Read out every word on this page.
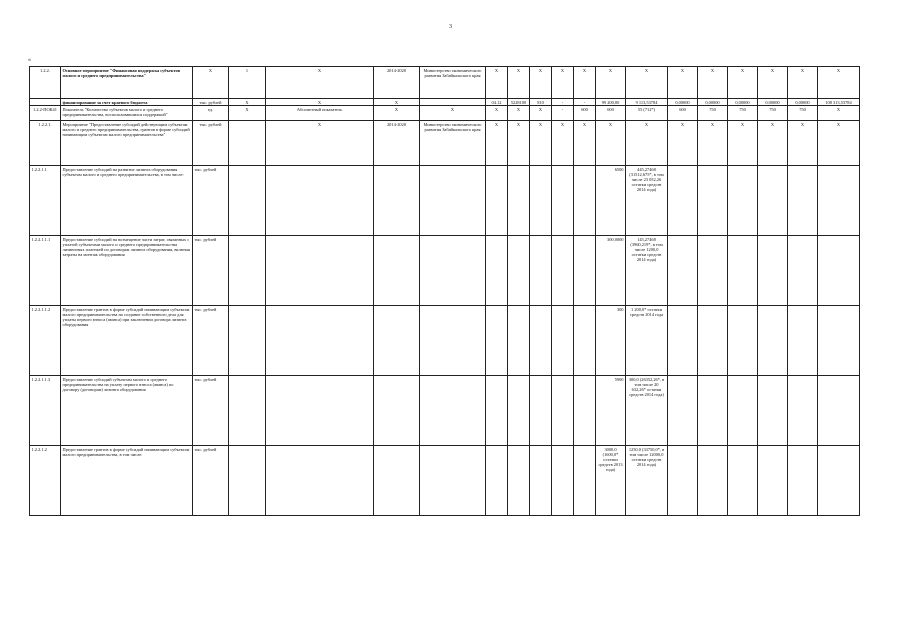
3
«
1.2.2.	Основное мероприятие "Финансовая поддержка субъектов малого и среднего предпринимательства"	X	1	X	2014-2020	Министерство экономического развития Забайкальского края	X	X	X	X	X	X	X	X	X	X	X	X	X
	финансирование за счет краевого бюджета	тыс. рублей	X	X	X		04.12	5228100	810	-	-	99 200,00	9 113,53784	0,00000	0,00000	0,00000	0,00000	0,00000	108 313,53784
1.2.2-ПОК41	Показатель "Количество субъектов малого и среднего предпринимательства, воспользовавшихся поддержкой"	ед.	X	Абсолютный показатель	X	X	X	X	X	-	600	600	55 (712*)	600	750	750	750	750	X
1.2.2.1.	Мероприятие "Предоставление субсидий действующим субъектам малого и среднего предпринимательства, грантов в форме субсидий начинающим субъектам малого предпринимательства"	тыс. рублей		X	2014-2020	Министерство экономического развития Забайкальского края	X	X	X	X	X	X	X	X	X	X	X	X	X
1.2.2.1.1	Предоставление субсидий на развитие лизинга оборудования субъектам малого и среднего предпринимательства, в том числе:	тыс. рублей										6500	445,27468 (31512,675*, в том числе 23 052,26 остатки средств 2014 года)						
1.2.2.1.1.1	Предоставление субсидий на возмещение части затрат, связанных с уплатой субъектами малого и среднего предпринимательства лизинговых платежей по договорам лизинга оборудования, включая затраты на монтаж оборудования	тыс. рублей										300,0000	145,27468 (3960,219*, в том числе 1200,0 остатки средств 2014 года)						
1.2.2.1.1.2	Предоставление грантов в форме субсидий начинающим субъектам малого предпринимательства на создание собственного дела для уплаты первого взноса (аванса) при заключении договора лизинга оборудования	тыс. рублей										300	1 200,0* остатки средств 2014 года						
1.2.2.1.1.3	Предоставление субсидий субъектам малого и среднего предпринимательства на уплату первого взноса (аванса) по договору (договорам) лизинга оборудования	тыс. рублей										5900	300,0 (26352,26*, в том числе 20 632,26* остатки средств 2014 года)						
1.2.2.1.2	Предоставление грантов в форме субсидий начинающим субъектам малого предпринимательства, в том числе:	тыс. рублей										3000,0 (1600,0* остатки средств 2013 года)	1250,0 (33750,0*, в том числе 12000,0 остатки средств 2014 года)						
